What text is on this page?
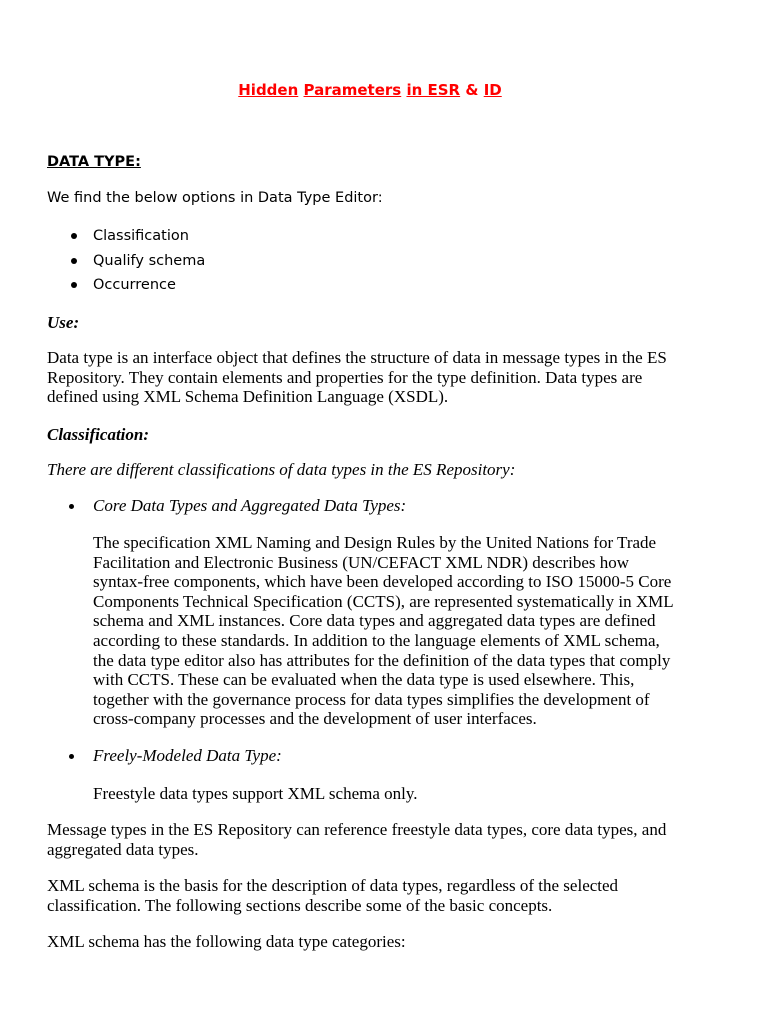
Hidden Parameters in ESR & ID
DATA TYPE:
We find the below options in Data Type Editor:
Classification
Qualify schema
Occurrence
Use:
Data type is an interface object that defines the structure of data in message types in the ES
Repository. They contain elements and properties for the type definition. Data types are
defined using XML Schema Definition Language (XSDL).
Classification:
There are different classifications of data types in the ES Repository:
Core Data Types and Aggregated Data Types:
The specification XML Naming and Design Rules by the United Nations for Trade
Facilitation and Electronic Business (UN/CEFACT XML NDR) describes how
syntax-free components, which have been developed according to ISO 15000-5 Core
Components Technical Specification (CCTS), are represented systematically in XML
schema and XML instances. Core data types and aggregated data types are defined
according to these standards. In addition to the language elements of XML schema,
the data type editor also has attributes for the definition of the data types that comply
with CCTS. These can be evaluated when the data type is used elsewhere. This,
together with the governance process for data types simplifies the development of
cross-company processes and the development of user interfaces.
Freely-Modeled Data Type:
Freestyle data types support XML schema only.
Message types in the ES Repository can reference freestyle data types, core data types, and
aggregated data types.
XML schema is the basis for the description of data types, regardless of the selected
classification. The following sections describe some of the basic concepts.
XML schema has the following data type categories:
